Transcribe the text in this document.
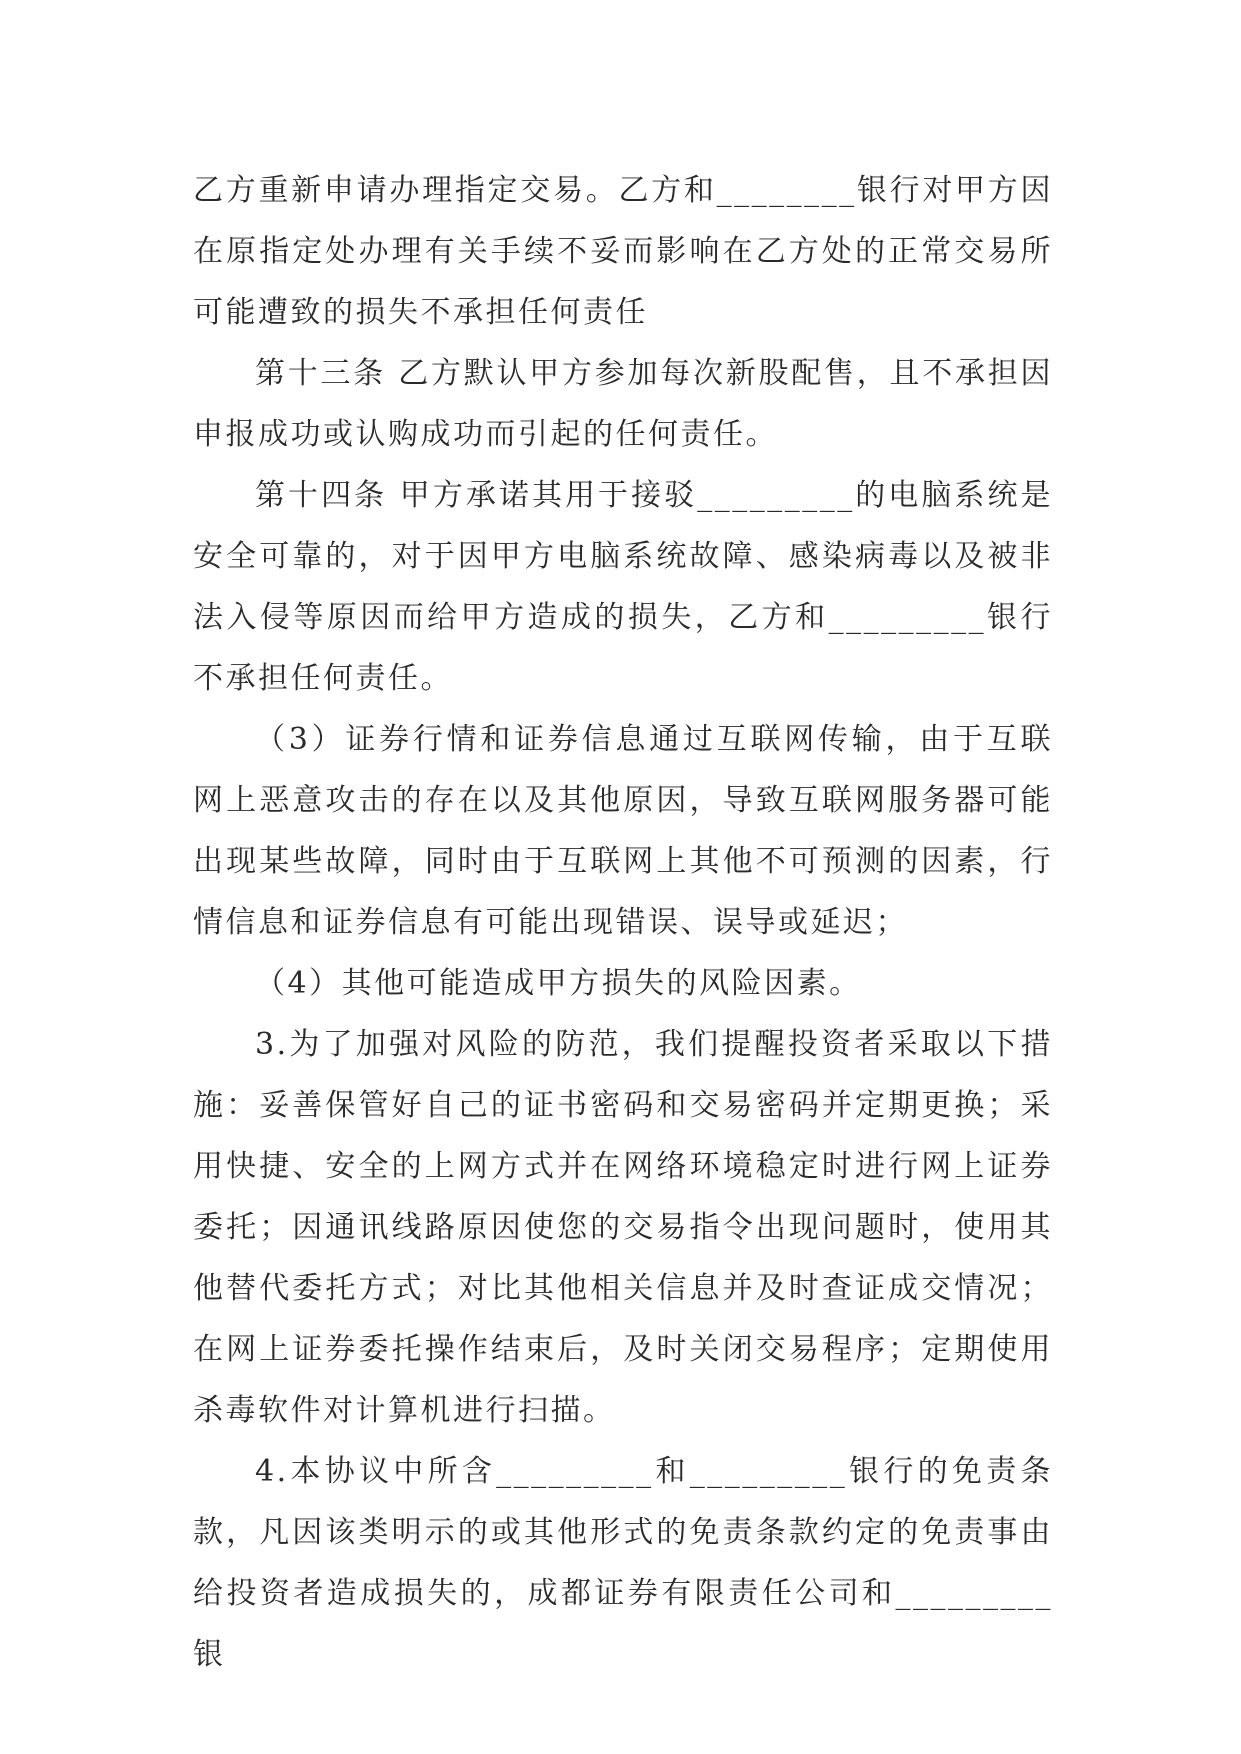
乙方重新申请办理指定交易。乙方和________银行对甲方因在原指定处办理有关手续不妥而影响在乙方处的正常交易所可能遭致的损失不承担任何责任

第十三条 乙方默认甲方参加每次新股配售，且不承担因申报成功或认购成功而引起的任何责任。

第十四条 甲方承诺其用于接驳_________的电脑系统是安全可靠的，对于因甲方电脑系统故障、感染病毒以及被非法入侵等原因而给甲方造成的损失，乙方和_________银行不承担任何责任。

（3）证券行情和证券信息通过互联网传输，由于互联网上恶意攻击的存在以及其他原因，导致互联网服务器可能出现某些故障，同时由于互联网上其他不可预测的因素，行情信息和证券信息有可能出现错误、误导或延迟；

（4）其他可能造成甲方损失的风险因素。

3.为了加强对风险的防范，我们提醒投资者采取以下措施：妥善保管好自己的证书密码和交易密码并定期更换；采用快捷、安全的上网方式并在网络环境稳定时进行网上证券委托；因通讯线路原因使您的交易指令出现问题时，使用其他替代委托方式；对比其他相关信息并及时查证成交情况；在网上证券委托操作结束后，及时关闭交易程序；定期使用杀毒软件对计算机进行扫描。

4.本协议中所含_________和_________银行的免责条款，凡因该类明示的或其他形式的免责条款约定的免责事由给投资者造成损失的，成都证券有限责任公司和_________银
